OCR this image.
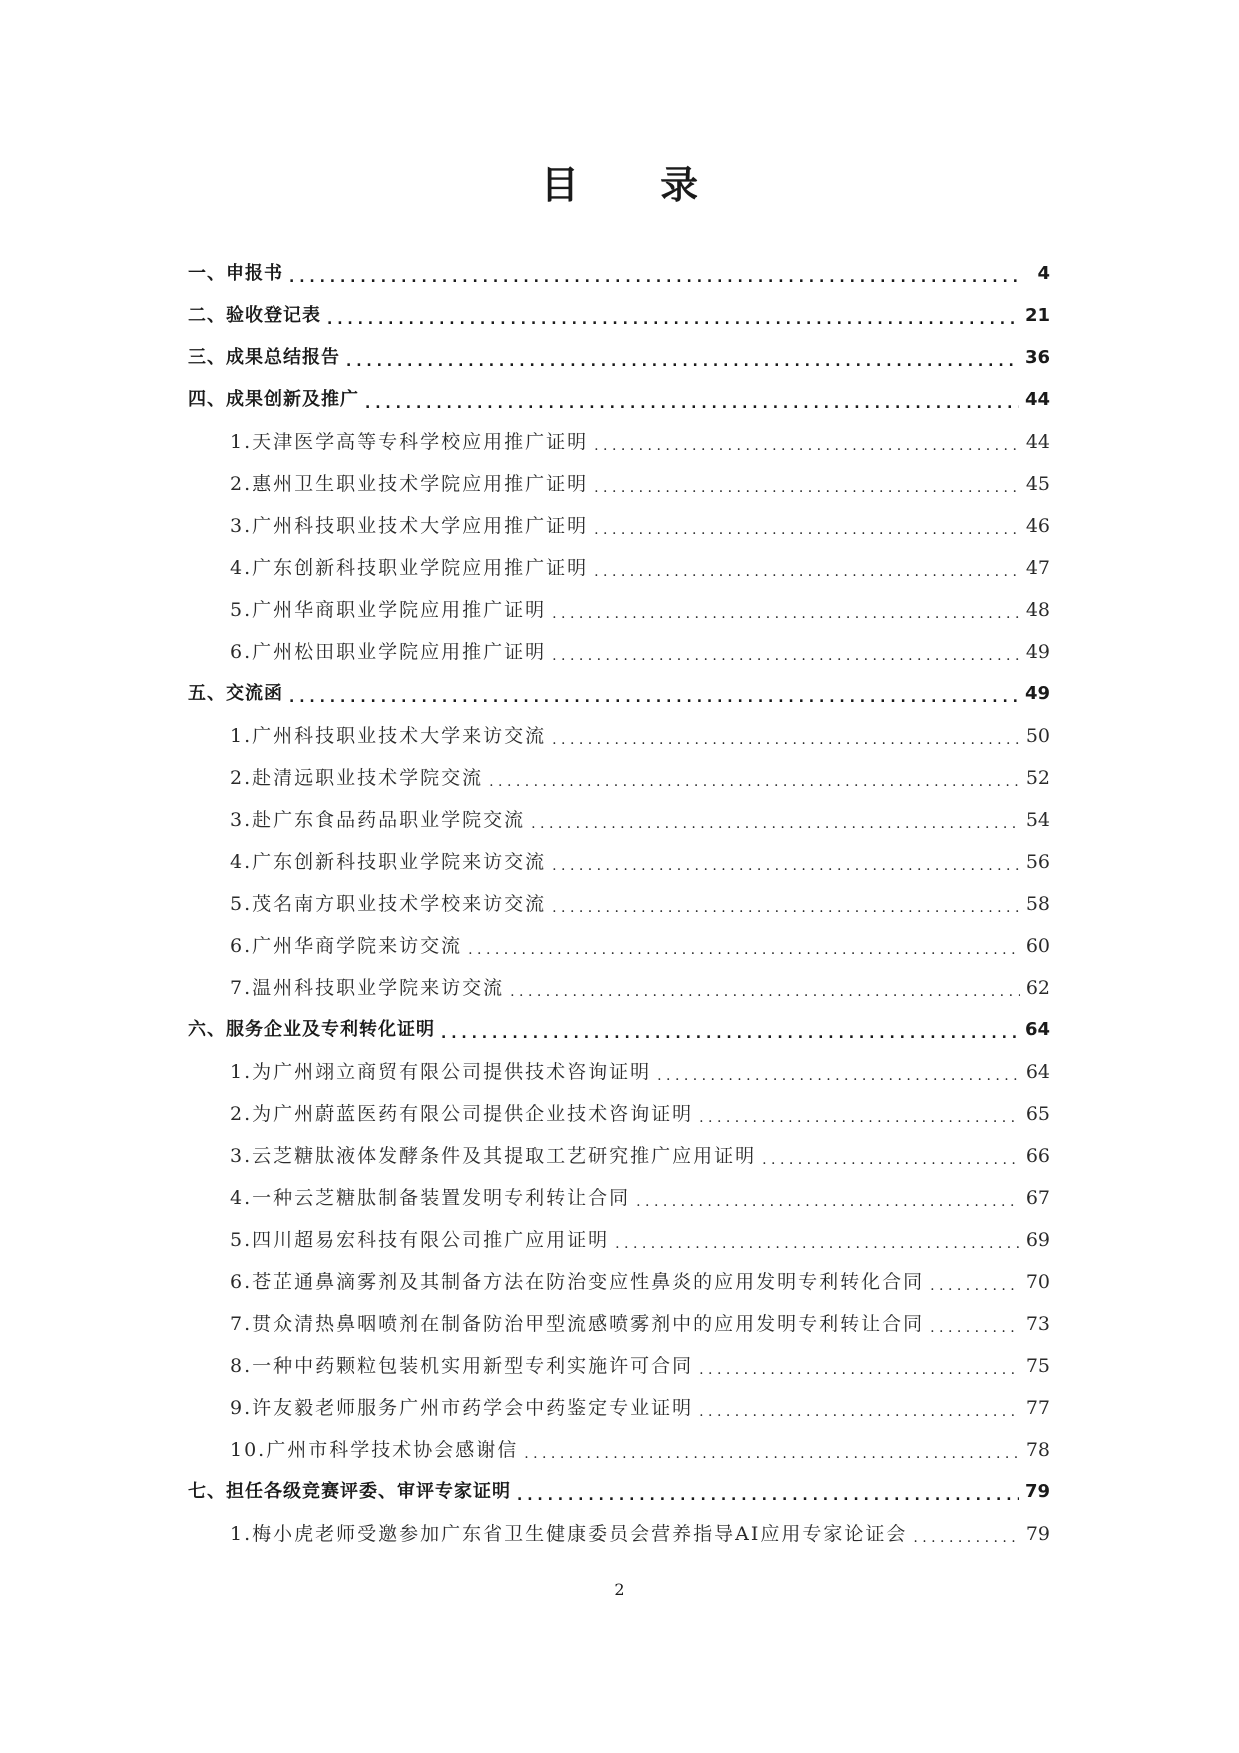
目 录
一、申报书 . . .	4
二、验收登记表 . . .	21
三、成果总结报告 . . .	36
四、成果创新及推广 . . .	44
1.天津医学高等专科学校应用推广证明 . . .	44
2.惠州卫生职业技术学院应用推广证明 . . .	45
3.广州科技职业技术大学应用推广证明 . . .	46
4.广东创新科技职业学院应用推广证明 . . .	47
5.广州华商职业学院应用推广证明 . . .	48
6.广州松田职业学院应用推广证明 . . .	49
五、交流函 . . .	49
1.广州科技职业技术大学来访交流 . . .	50
2.赴清远职业技术学院交流 . . .	52
3.赴广东食品药品职业学院交流 . . .	54
4.广东创新科技职业学院来访交流 . . .	56
5.茂名南方职业技术学校来访交流 . . .	58
6.广州华商学院来访交流 . . .	60
7.温州科技职业学院来访交流 . . .	62
六、服务企业及专利转化证明 . . .	64
1.为广州翊立商贸有限公司提供技术咨询证明 . . .	64
2.为广州蔚蓝医药有限公司提供企业技术咨询证明 . . .	65
3.云芝糖肽液体发酵条件及其提取工艺研究推广应用证明 . . .	66
4.一种云芝糖肽制备装置发明专利转让合同 . . .	67
5.四川超易宏科技有限公司推广应用证明 . . .	69
6.苍芷通鼻滴雾剂及其制备方法在防治变应性鼻炎的应用发明专利转化合同 . . .	70
7.贯众清热鼻咽喷剂在制备防治甲型流感喷雾剂中的应用发明专利转让合同 . . .	73
8.一种中药颗粒包装机实用新型专利实施许可合同 . . .	75
9.许友毅老师服务广州市药学会中药鉴定专业证明 . . .	77
10.广州市科学技术协会感谢信 . . .	78
七、担任各级竞赛评委、审评专家证明 . . .	79
1.梅小虎老师受邀参加广东省卫生健康委员会营养指导AI应用专家论证会 . . .	79
2
